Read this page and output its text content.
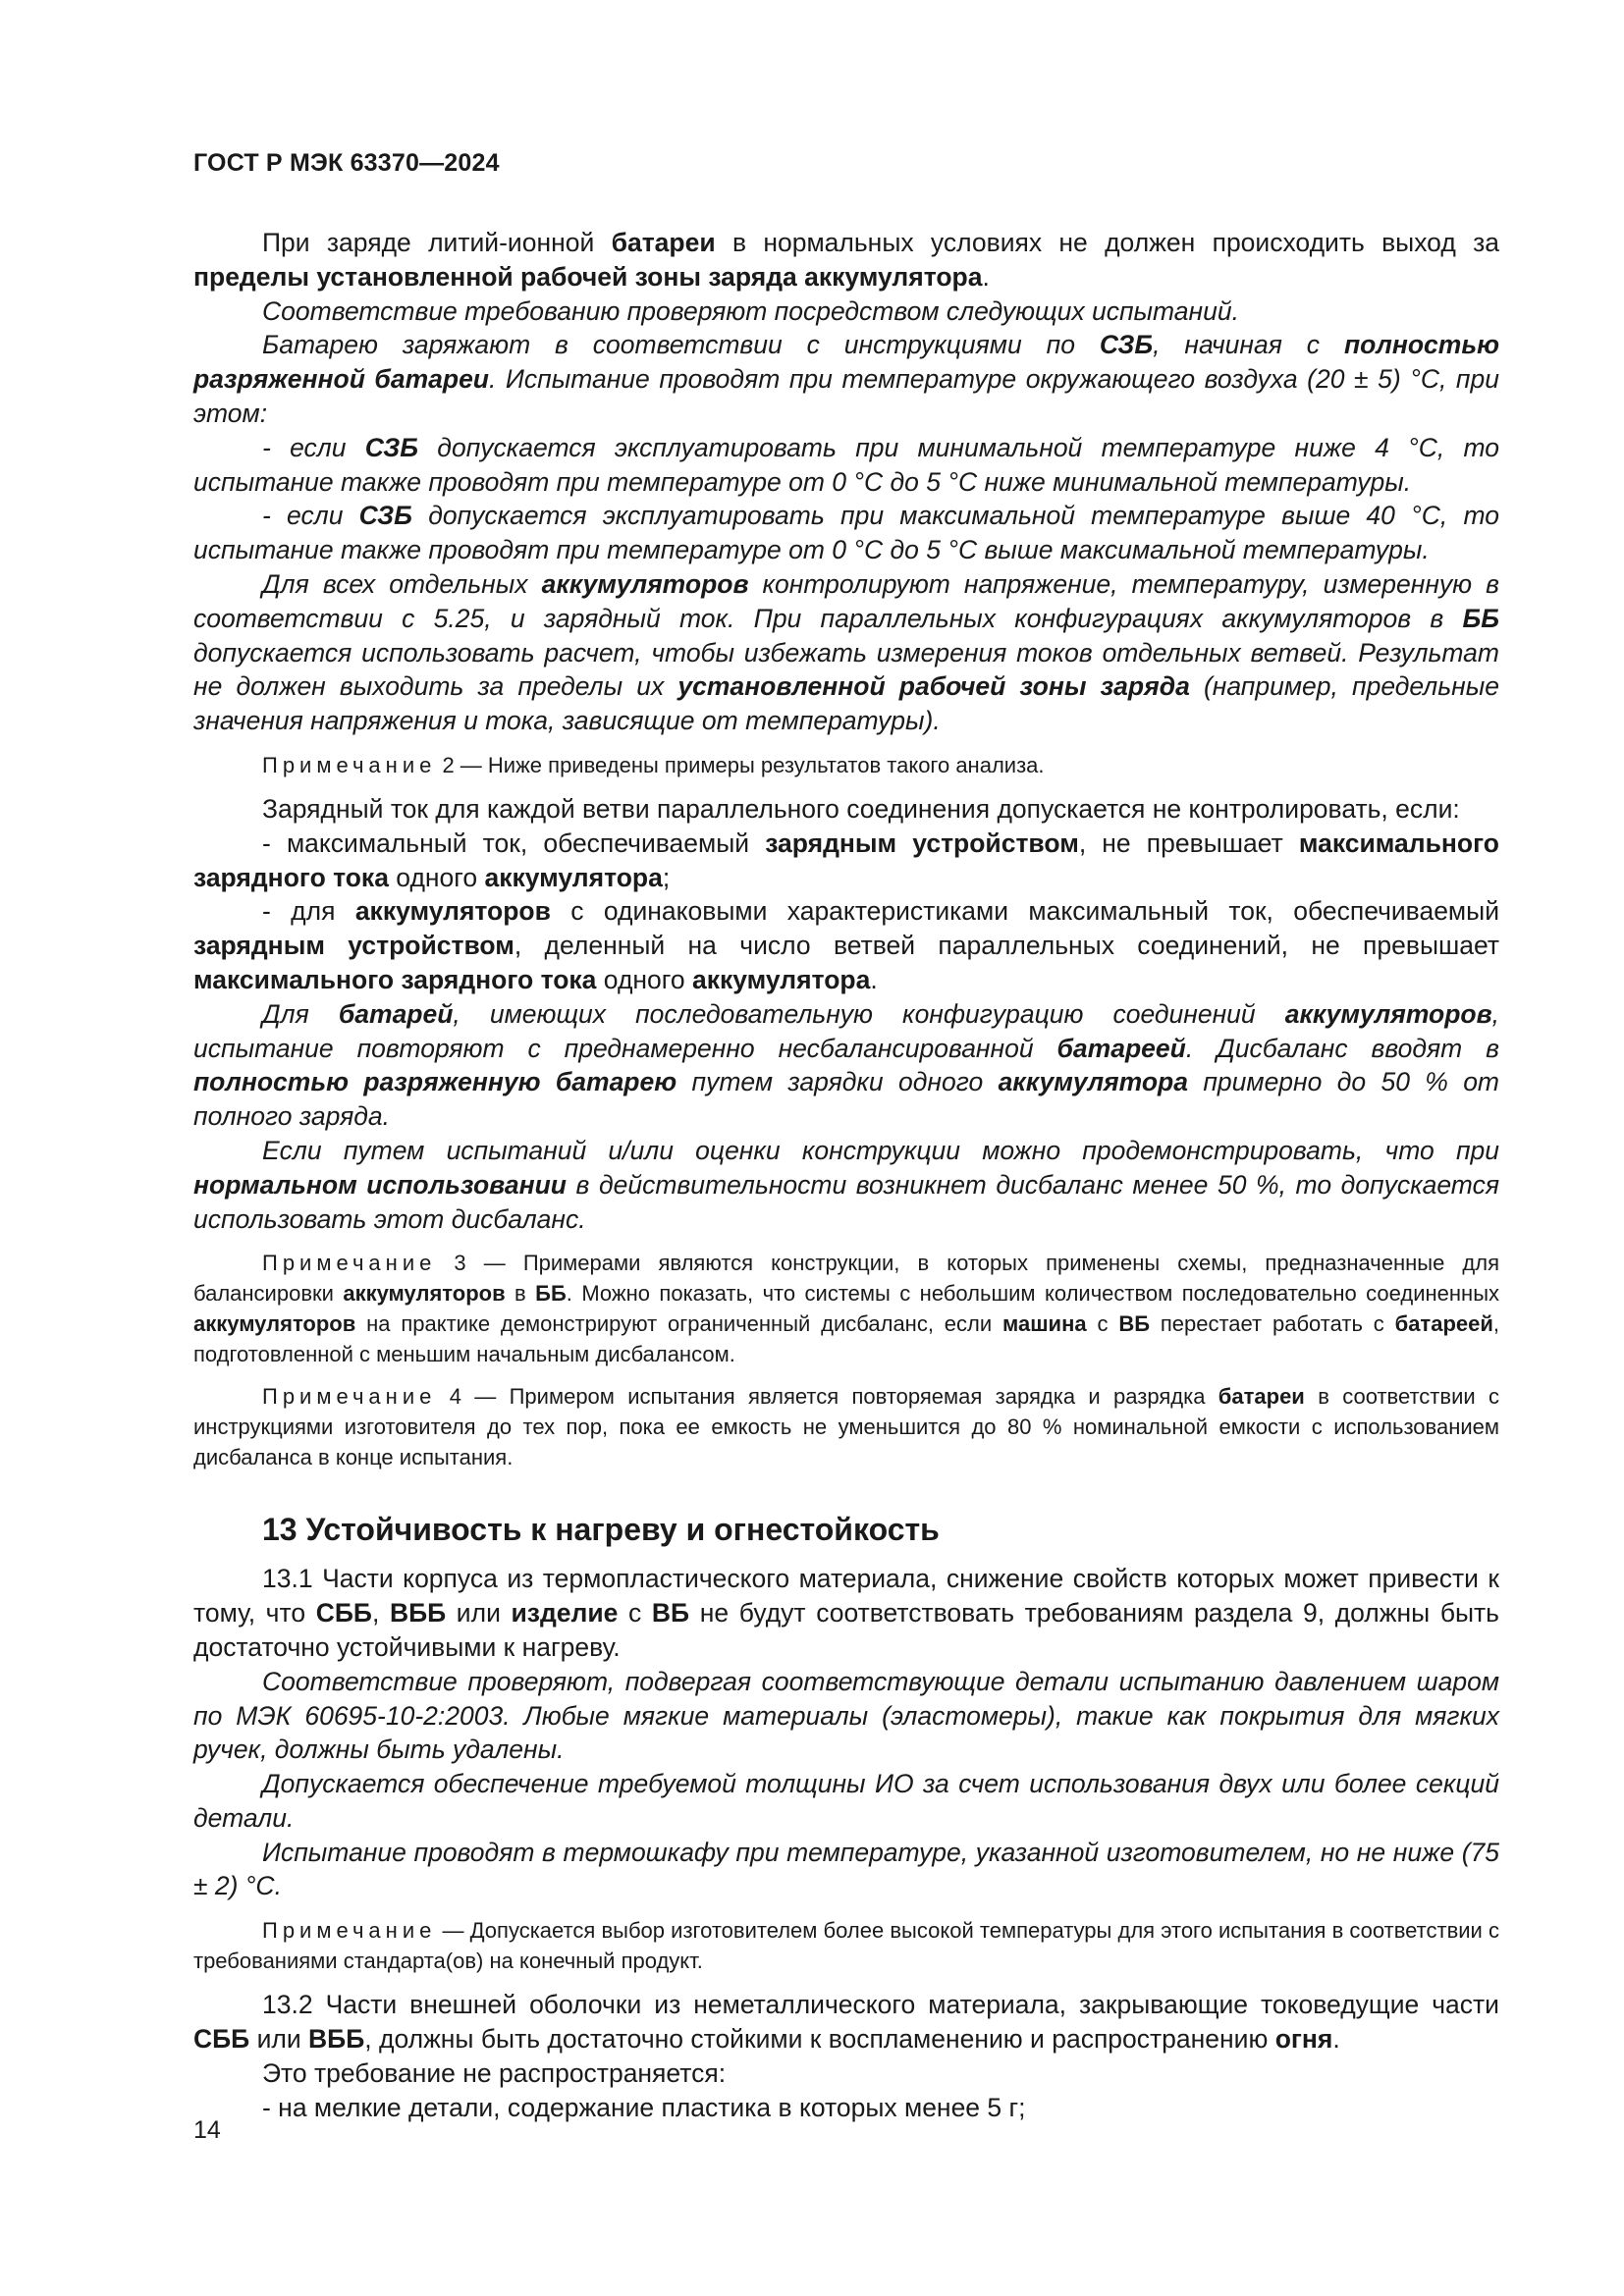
ГОСТ Р МЭК 63370—2024

При заряде литий-ионной батареи в нормальных условиях не должен происходить выход за пределы установленной рабочей зоны заряда аккумулятора.

Соответствие требованию проверяют посредством следующих испытаний.

Батарею заряжают в соответствии с инструкциями по СЗБ, начиная с полностью разряженной батареи. Испытание проводят при температуре окружающего воздуха (20 ± 5) °С, при этом:

- если СЗБ допускается эксплуатировать при минимальной температуре ниже 4 °С, то испытание также проводят при температуре от 0 °С до 5 °С ниже минимальной температуры.

- если СЗБ допускается эксплуатировать при максимальной температуре выше 40 °С, то испытание также проводят при температуре от 0 °С до 5 °С выше максимальной температуры.

Для всех отдельных аккумуляторов контролируют напряжение, температуру, измеренную в соответствии с 5.25, и зарядный ток. При параллельных конфигурациях аккумуляторов в ББ допускается использовать расчет, чтобы избежать измерения токов отдельных ветвей. Результат не должен выходить за пределы их установленной рабочей зоны заряда (например, предельные значения напряжения и тока, зависящие от температуры).

Примечание 2 — Ниже приведены примеры результатов такого анализа.

Зарядный ток для каждой ветви параллельного соединения допускается не контролировать, если:

- максимальный ток, обеспечиваемый зарядным устройством, не превышает максимального зарядного тока одного аккумулятора;

- для аккумуляторов с одинаковыми характеристиками максимальный ток, обеспечиваемый зарядным устройством, деленный на число ветвей параллельных соединений, не превышает максимального зарядного тока одного аккумулятора.

Для батарей, имеющих последовательную конфигурацию соединений аккумуляторов, испытание повторяют с преднамеренно несбалансированной батареей. Дисбаланс вводят в полностью разряженную батарею путем зарядки одного аккумулятора примерно до 50 % от полного заряда.

Если путем испытаний и/или оценки конструкции можно продемонстрировать, что при нормальном использовании в действительности возникнет дисбаланс менее 50 %, то допускается использовать этот дисбаланс.

Примечание 3 — Примерами являются конструкции, в которых применены схемы, предназначенные для балансировки аккумуляторов в ББ. Можно показать, что системы с небольшим количеством последовательно соединенных аккумуляторов на практике демонстрируют ограниченный дисбаланс, если машина с ВБ перестает работать с батареей, подготовленной с меньшим начальным дисбалансом.

Примечание 4 — Примером испытания является повторяемая зарядка и разрядка батареи в соответствии с инструкциями изготовителя до тех пор, пока ее емкость не уменьшится до 80 % номинальной емкости с использованием дисбаланса в конце испытания.

13 Устойчивость к нагреву и огнестойкость

13.1 Части корпуса из термопластического материала, снижение свойств которых может привести к тому, что СББ, ВББ или изделие с ВБ не будут соответствовать требованиям раздела 9, должны быть достаточно устойчивыми к нагреву.

Соответствие проверяют, подвергая соответствующие детали испытанию давлением шаром по МЭК 60695-10-2:2003. Любые мягкие материалы (эластомеры), такие как покрытия для мягких ручек, должны быть удалены.

Допускается обеспечение требуемой толщины ИО за счет использования двух или более секций детали.

Испытание проводят в термошкафу при температуре, указанной изготовителем, но не ниже (75 ± 2) °С.

Примечание — Допускается выбор изготовителем более высокой температуры для этого испытания в соответствии с требованиями стандарта(ов) на конечный продукт.

13.2 Части внешней оболочки из неметаллического материала, закрывающие токоведущие части СББ или ВББ, должны быть достаточно стойкими к воспламенению и распространению огня.

Это требование не распространяется:

- на мелкие детали, содержание пластика в которых менее 5 г;

14
